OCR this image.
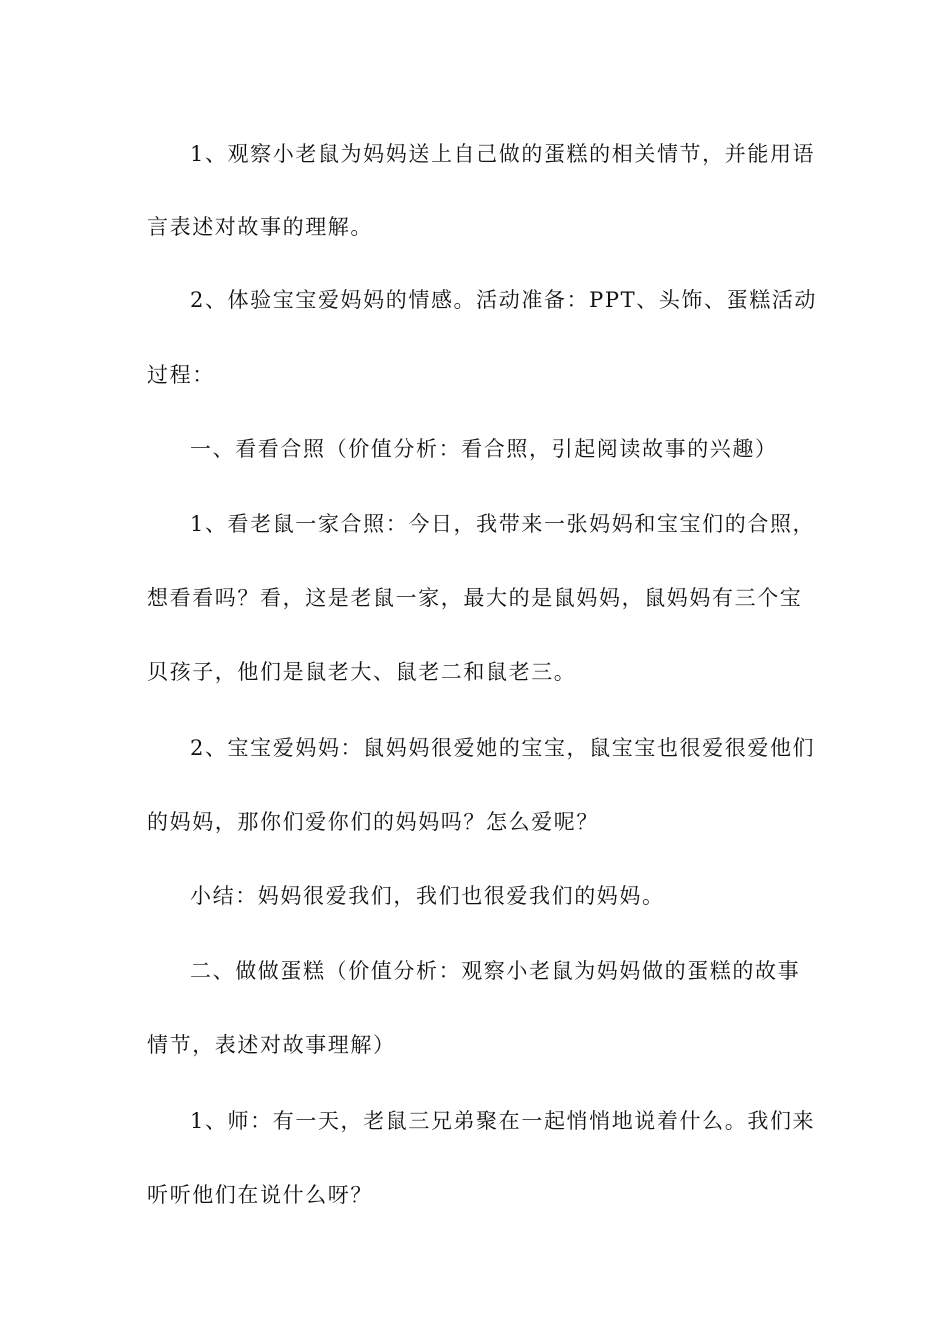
1、观察小老鼠为妈妈送上自己做的蛋糕的相关情节，并能用语
言表述对故事的理解。
2、体验宝宝爱妈妈的情感。活动准备：PPT、头饰、蛋糕活动
过程：
一、看看合照（价值分析：看合照，引起阅读故事的兴趣）
1、看老鼠一家合照：今日，我带来一张妈妈和宝宝们的合照，
想看看吗？看，这是老鼠一家，最大的是鼠妈妈，鼠妈妈有三个宝
贝孩子，他们是鼠老大、鼠老二和鼠老三。
2、宝宝爱妈妈：鼠妈妈很爱她的宝宝，鼠宝宝也很爱很爱他们
的妈妈，那你们爱你们的妈妈吗？怎么爱呢？
小结：妈妈很爱我们，我们也很爱我们的妈妈。
二、做做蛋糕（价值分析：观察小老鼠为妈妈做的蛋糕的故事
情节，表述对故事理解）
1、师：有一天，老鼠三兄弟聚在一起悄悄地说着什么。我们来
听听他们在说什么呀？
